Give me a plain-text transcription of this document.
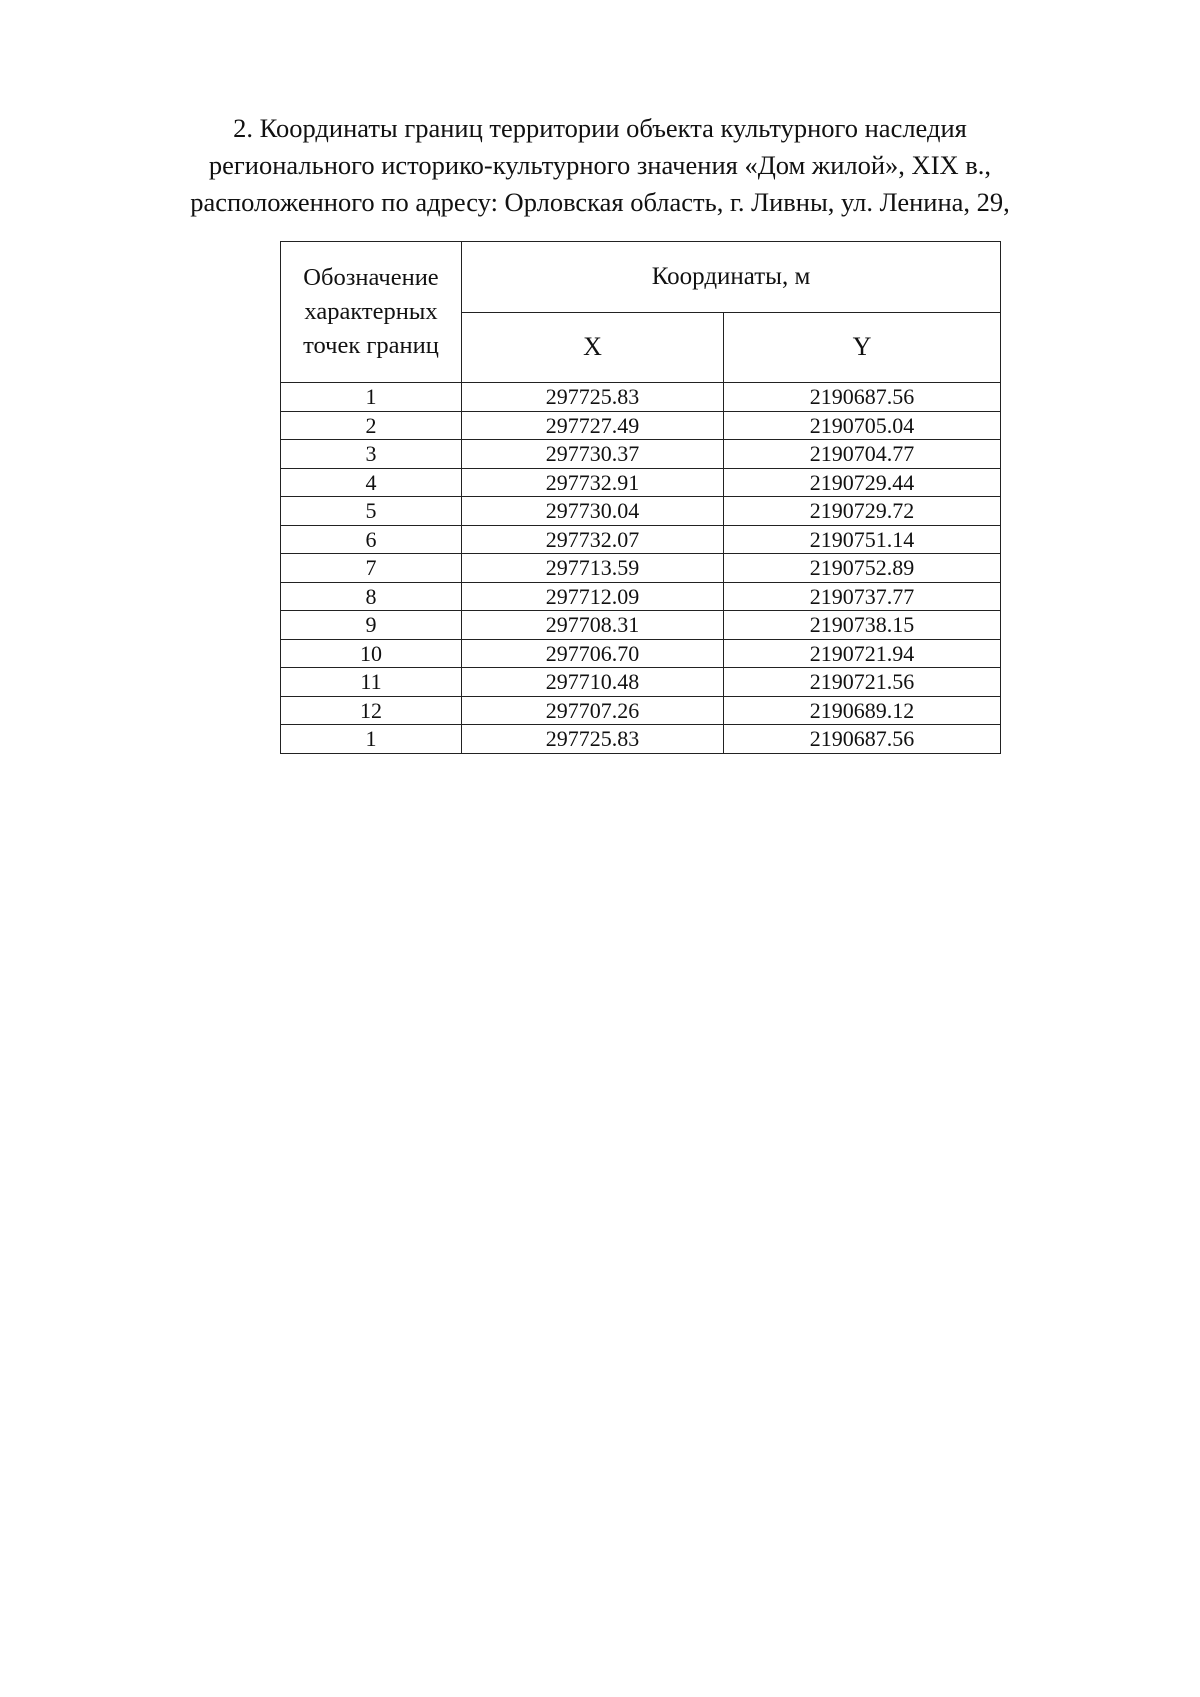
2. Координаты границ территории объекта культурного наследия
регионального историко-культурного значения «Дом жилой», XIX в.,
расположенного по адресу: Орловская область, г. Ливны, ул. Ленина, 29,
Обозначение характерных точек границ	Координаты, м	
	X	Y
1	297725.83	2190687.56
2	297727.49	2190705.04
3	297730.37	2190704.77
4	297732.91	2190729.44
5	297730.04	2190729.72
6	297732.07	2190751.14
7	297713.59	2190752.89
8	297712.09	2190737.77
9	297708.31	2190738.15
10	297706.70	2190721.94
11	297710.48	2190721.56
12	297707.26	2190689.12
1	297725.83	2190687.56
